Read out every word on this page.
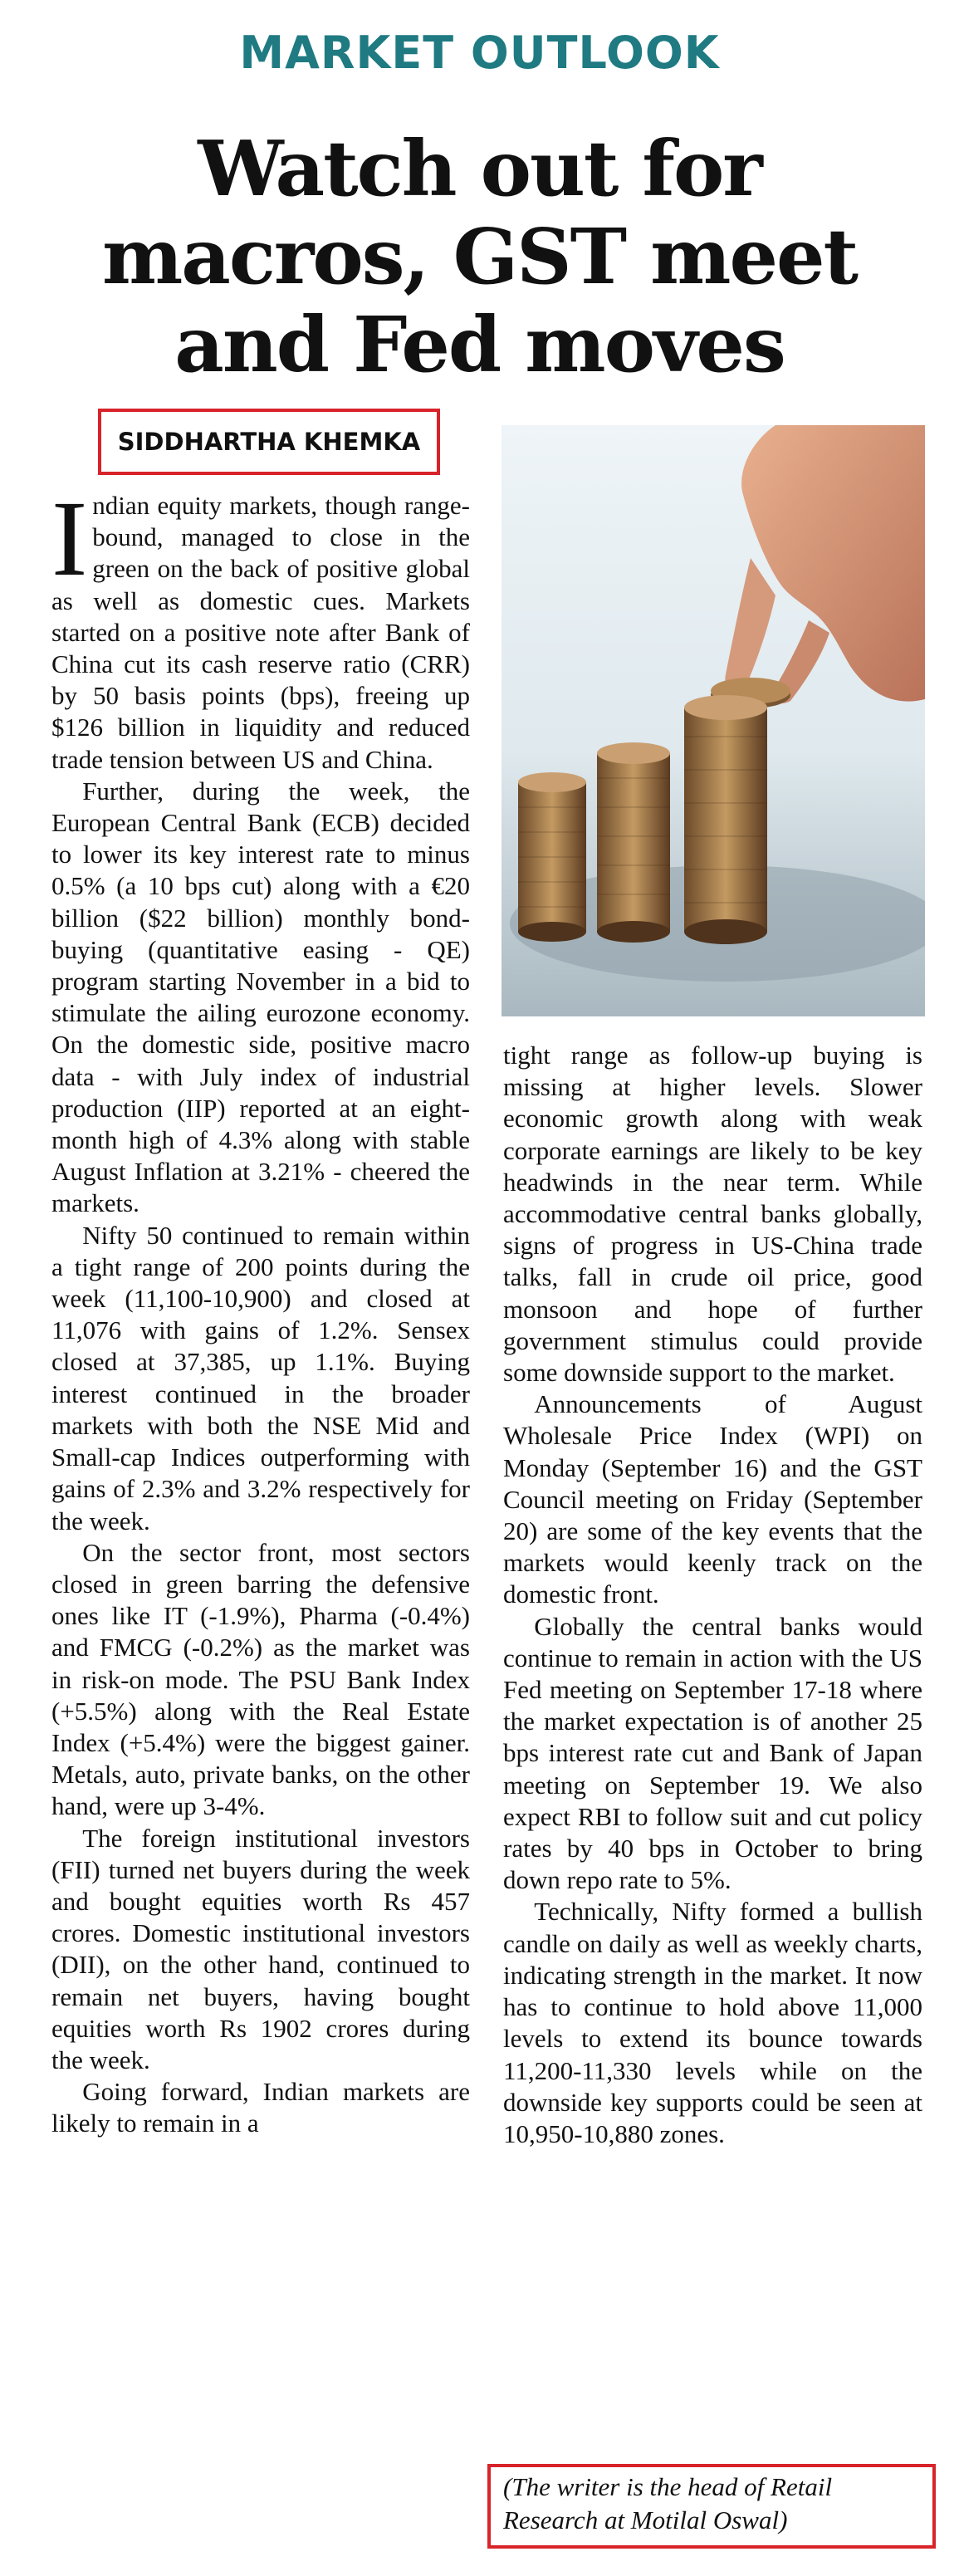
MARKET OUTLOOK
Watch out for macros, GST meet and Fed moves
SIDDHARTHA KHEMKA

Indian equity markets, though range-bound, managed to close in the green on the back of positive global as well as domestic cues. Markets started on a positive note after Bank of China cut its cash reserve ratio (CRR) by 50 basis points (bps), freeing up $126 billion in liquidity and reduced trade tension between US and China.

Further, during the week, the European Central Bank (ECB) decided to lower its key interest rate to minus 0.5% (a 10 bps cut) along with a €20 billion ($22 billion) monthly bond-buying (quantitative easing - QE) program starting November in a bid to stimulate the ailing eurozone economy. On the domestic side, positive macro data - with July index of industrial production (IIP) reported at an eight-month high of 4.3% along with stable August Inflation at 3.21% - cheered the markets.

Nifty 50 continued to remain within a tight range of 200 points during the week (11,100-10,900) and closed at 11,076 with gains of 1.2%. Sensex closed at 37,385, up 1.1%. Buying interest continued in the broader markets with both the NSE Mid and Small-cap Indices outperforming with gains of 2.3% and 3.2% respectively for the week.

On the sector front, most sectors closed in green barring the defensive ones like IT (-1.9%), Pharma (-0.4%) and FMCG (-0.2%) as the market was in risk-on mode. The PSU Bank Index (+5.5%) along with the Real Estate Index (+5.4%) were the biggest gainer. Metals, auto, private banks, on the other hand, were up 3-4%.

The foreign institutional investors (FII) turned net buyers during the week and bought equities worth Rs 457 crores. Domestic institutional investors (DII), on the other hand, continued to remain net buyers, having bought equities worth Rs 1902 crores during the week.

Going forward, Indian markets are likely to remain in a

tight range as follow-up buying is missing at higher levels. Slower economic growth along with weak corporate earnings are likely to be key headwinds in the near term. While accommodative central banks globally, signs of progress in US-China trade talks, fall in crude oil price, good monsoon and hope of further government stimulus could provide some downside support to the market.

Announcements of August Wholesale Price Index (WPI) on Monday (September 16) and the GST Council meeting on Friday (September 20) are some of the key events that the markets would keenly track on the domestic front.

Globally the central banks would continue to remain in action with the US Fed meeting on September 17-18 where the market expectation is of another 25 bps interest rate cut and Bank of Japan meeting on September 19. We also expect RBI to follow suit and cut policy rates by 40 bps in October to bring down repo rate to 5%.

Technically, Nifty formed a bullish candle on daily as well as weekly charts, indicating strength in the market. It now has to continue to hold above 11,000 levels to extend its bounce towards 11,200-11,330 levels while on the downside key supports could be seen at 10,950-10,880 zones.

(The writer is the head of Retail Research at Motilal Oswal)
